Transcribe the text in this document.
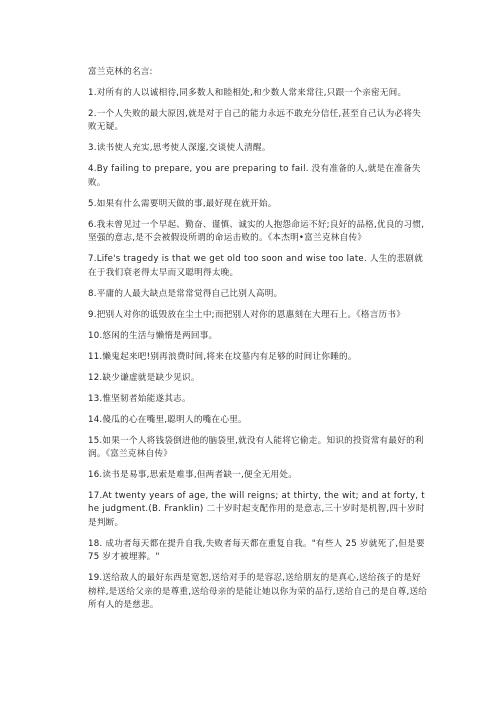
富兰克林的名言:
1.对所有的人以诚相待,同多数人和睦相处,和少数人常来常往,只跟一个亲密无间。
2.一个人失败的最大原因,就是对于自己的能力永远不敢充分信任,甚至自己认为必将失败无疑。
3.读书使人充实,思考使人深邃,交谈使人清醒。
4.By failing to prepare, you are preparing to fail. 没有准备的人,就是在准备失败。
5.如果有什么需要明天做的事,最好现在就开始。
6.我未曾见过一个早起、勤奋、谨慎、诚实的人抱怨命运不好;良好的品格,优良的习惯,坚强的意志,是不会被假设所谓的命运击败的。《本杰明•富兰克林自传》
7.Life's tragedy is that we get old too soon and wise too late. 人生的悲剧就在于我们衰老得太早而又聪明得太晚。
8.平庸的人最大缺点是常常觉得自己比别人高明。
9.把别人对你的诋毁放在尘土中;而把别人对你的恩惠刻在大理石上。《格言历书》
10.悠闲的生活与懒惰是两回事。
11.懒鬼起来吧!别再浪费时间,将来在坟墓内有足够的时间让你睡的。
12.缺少谦虚就是缺少见识。
13.惟坚韧者始能遂其志。
14.傻瓜的心在嘴里,聪明人的嘴在心里。
15.如果一个人将钱袋倒进他的脑袋里,就没有人能将它偷走。知识的投资常有最好的利润。《富兰克林自传》
16.读书是易事,思索是难事,但两者缺一,便全无用处。
17.At twenty years of age, the will reigns; at thirty, the wit; and at forty, the judgment.(B. Franklin) 二十岁时起支配作用的是意志,三十岁时是机智,四十岁时是判断。
18. 成功者每天都在提升自我,失败者每天都在重复自我。"有些人 25 岁就死了,但是要 75 岁才被埋葬。"
19.送给敌人的最好东西是宽恕,送给对手的是容忍,送给朋友的是真心,送给孩子的是好榜样,是送给父亲的是尊重,送给母亲的是能让她以你为荣的品行,送给自己的是自尊,送给所有人的是慈悲。
